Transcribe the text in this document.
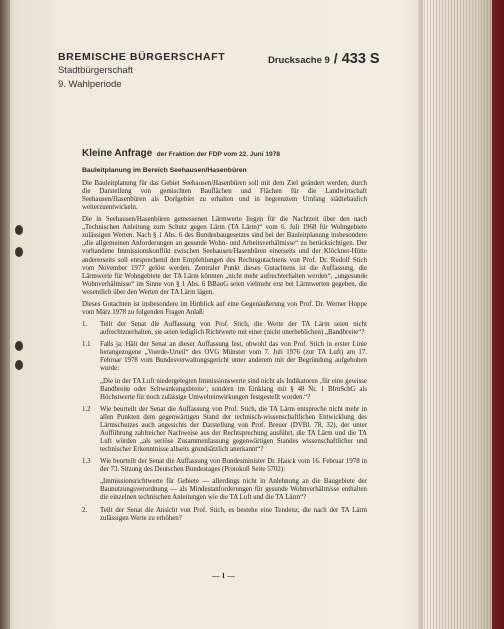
BREMISCHE BÜRGERSCHAFT
Stadtbürgerschaft
9. Wahlperiode
Drucksache 9 / 433 S
Kleine Anfrage der Fraktion der FDP vom 22. Juni 1978
Bauleitplanung im Bereich Seehausen/Hasenbüren

Die Bauleitplanung für das Gebiet Seehausen/Hasenbüren soll mit dem Ziel geändert werden, durch die Darstellung von gemischten Bauflächen und Flächen für die Landwirtschaft Seehausen/Hasenbüren als Dorfgebiet zu erhalten und in begrenztem Umfang städtebaulich weiterzuentwickeln.

Die in Seehausen/Hasenbüren gemessenen Lärmwerte liegen für die Nachtzeit über den nach „Technischen Anleitung zum Schutz gegen Lärm (TA Lärm)“ vom 6. Juli 1968 für Wohngebiete zulässigen Werten. Nach § 1 Abs. 6 des Bundesbaugesetzes sind bei der Bauleitplanung insbesondere „die allgemeinen Anforderungen an gesunde Wohn- und Arbeitsverhältnisse“ zu berücksichtigen. Der vorhandene Immissionskonflikt zwischen Seehausen/Hasenbüren einerseits und der Klöckner-Hütte andererseits soll entsprechend den Empfehlungen des Rechtsgutachtens von Prof. Dr. Rudolf Stich vom November 1977 gelöst werden. Zentraler Punkt dieses Gutachtens ist die Auffassung, die Lärmwerte für Wohngebiete der TA Lärm könnten „nicht mehr aufrechterhalten werden“, „ungesunde Wohnverhältnisse“ im Sinne von § 1 Abs. 6 BBauG seien vielmehr erst bei Lärmwerten gegeben, die wesentlich über den Werten der TA Lärm lägen.

Dieses Gutachten ist insbesondere im Hinblick auf eine Gegenäußerung von Prof. Dr. Werner Hoppe vom März 1978 zu folgenden Fragen Anlaß:

1.	Teilt der Senat die Auffassung von Prof. Stich, die Werte der TA Lärm seien nicht aufrechtzuerhalten, sie seien lediglich Richtwerte mit einer (nicht unerheblichen) „Bandbreite“?
1.1	Falls ja: Hält der Senat an dieser Auffassung fest, obwohl das von Prof. Stich in erster Linie herangezogene „Voerde-Urteil“ des OVG Münster vom 7. Juli 1976 (zur TA Luft) am 17. Februar 1978 vom Bundesverwaltungsgericht unter anderem mit der Begründung aufgehoben wurde:
„Die in der TA Luft niedergelegten Immissionswerte sind nicht als Indikatoren ‚für eine gewisse Bandbreite oder Schwankungsbreite‘, sondern im Einklang mit § 48 Nr. 1 BImSchG als Höchstwerte für noch zulässige Umwelteinwirkungen festgestellt worden.“?
1.2	Wie beurteilt der Senat die Auffassung von Prof. Stich, die TA Lärm entspreche nicht mehr in allen Punkten dem gegenwärtigen Stand der technisch-wissenschaftlichen Entwicklung des Lärmschutzes auch angesichts der Darstellung von Prof. Breuer (DVBl. 78, 32), der unter Aufführung zahlreicher Nachweise aus der Rechtsprechung ausführt, die TA Lärm und die TA Luft würden „als seriöse Zusammenfassung gegenwärtigen Standes wissenschaftlicher und technischer Erkenntnisse allseits grundsätzlich anerkannt“?
1.3	Wie beurteilt der Senat die Auffassung von Bundesminister Dr. Hauck vom 16. Februar 1978 in der 73. Sitzung des Deutschen Bundestages (Protokoll Seite 5702):
„Immissionsrichtwerte für Gebiete — allerdings nicht in Anlehnung an die Baugebiete der Baunutzungsverordnung — als Mindestanforderungen für gesunde Wohnverhältnisse enthalten die einzelnen technischen Anleitungen wie die TA Luft und die TA Lärm“?
2.	Teilt der Senat die Ansicht von Prof. Stich, es bestehe eine Tendenz, die nach der TA Lärm zulässigen Werte zu erhöhen?
— 1 —
